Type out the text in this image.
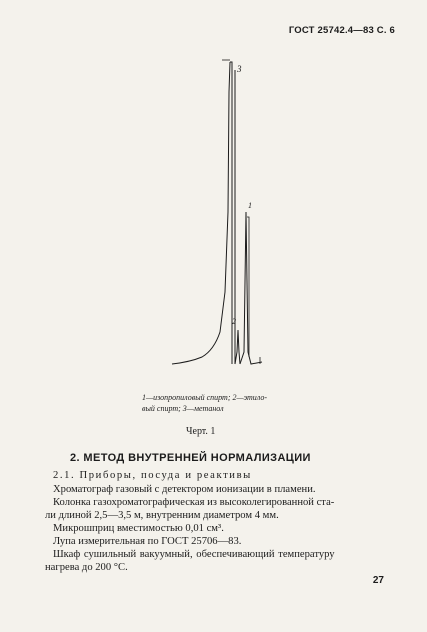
ГОСТ 25742.4—83 С. 6
3
2
1
1—изопропиловый спирт; 2—этило-
вый спирт; 3—метанол
Черт. 1
2. МЕТОД ВНУТРЕННЕЙ НОРМАЛИЗАЦИИ
2.1. Приборы, посуда и реактивы
Хроматограф газовый с детектором ионизации в пламени.
Колонка газохроматографическая из высоколегированной ста-
ли длиной 2,5—3,5 м, внутренним диаметром 4 мм.
Микрошприц вместимостью 0,01 см³.
Лупа измерительная по ГОСТ 25706—83.
Шкаф сушильный вакуумный, обеспечивающий температуру
нагрева до 200 °С.
27
